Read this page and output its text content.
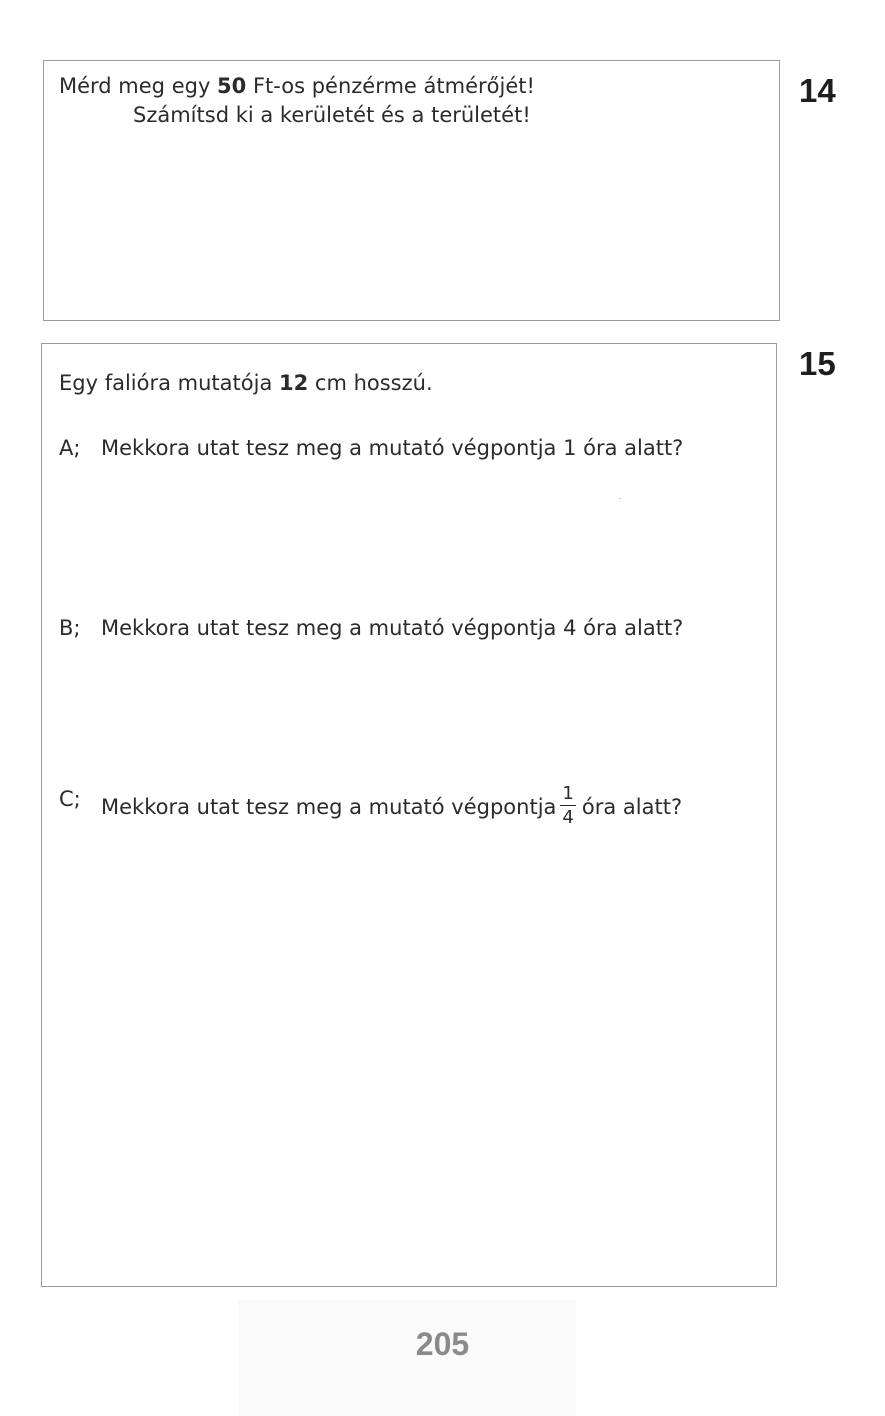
14
Mérd meg egy 50 Ft-os pénzérme átmérőjét!
Számítsd ki a kerületét és a területét!
15
Egy falióra mutatója 12 cm hosszú.
A; Mekkora utat tesz meg a mutató végpontja 1 óra alatt?
B; Mekkora utat tesz meg a mutató végpontja 4 óra alatt?
C; Mekkora utat tesz meg a mutató végpontja $\frac{1}{4}$ óra alatt?
205
